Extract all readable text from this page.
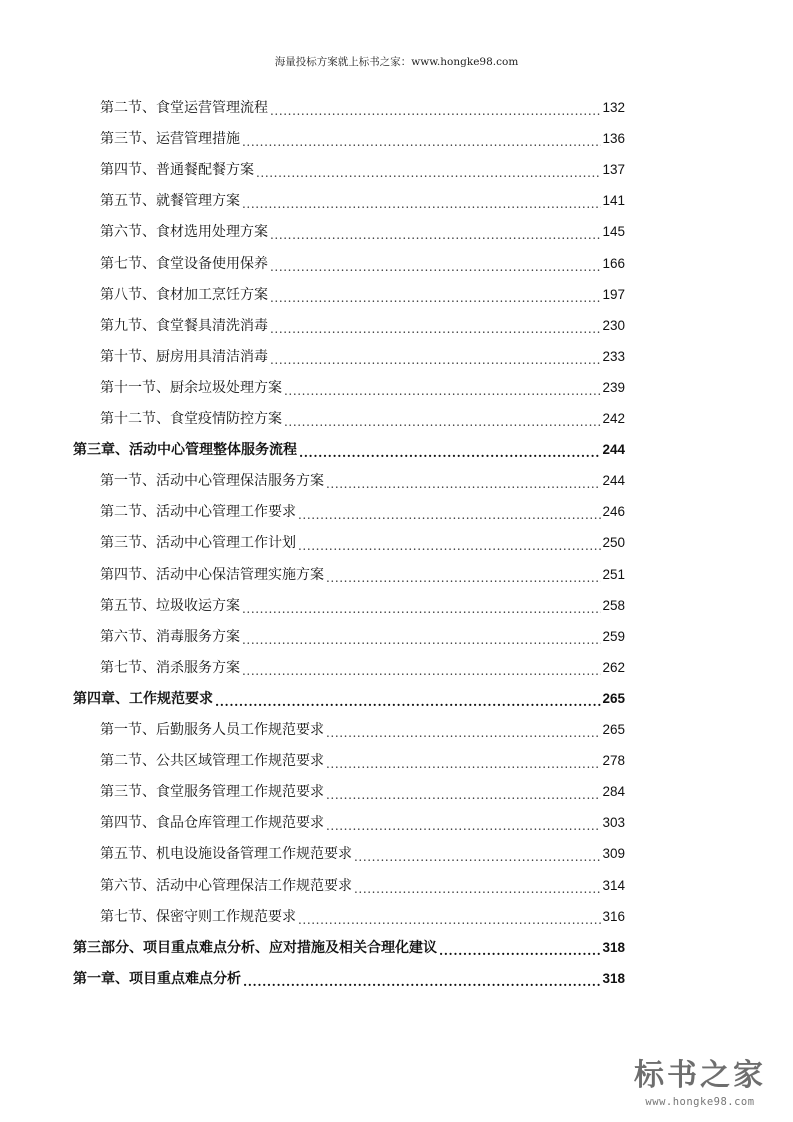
海量投标方案就上标书之家：www.hongke98.com
第二节、食堂运营管理流程 .....	132
第三节、运营管理措施 .....	136
第四节、普通餐配餐方案 .....	137
第五节、就餐管理方案 .....	141
第六节、食材选用处理方案 .....	145
第七节、食堂设备使用保养 .....	166
第八节、食材加工烹饪方案 .....	197
第九节、食堂餐具清洗消毒 .....	230
第十节、厨房用具清洁消毒 .....	233
第十一节、厨余垃圾处理方案 .....	239
第十二节、食堂疫情防控方案 .....	242
第三章、活动中心管理整体服务流程 .....	244
第一节、活动中心管理保洁服务方案 .....	244
第二节、活动中心管理工作要求 .....	246
第三节、活动中心管理工作计划 .....	250
第四节、活动中心保洁管理实施方案 .....	251
第五节、垃圾收运方案 .....	258
第六节、消毒服务方案 .....	259
第七节、消杀服务方案 .....	262
第四章、工作规范要求 .....	265
第一节、后勤服务人员工作规范要求 .....	265
第二节、公共区域管理工作规范要求 .....	278
第三节、食堂服务管理工作规范要求 .....	284
第四节、食品仓库管理工作规范要求 .....	303
第五节、机电设施设备管理工作规范要求 .....	309
第六节、活动中心管理保洁工作规范要求 .....	314
第七节、保密守则工作规范要求 .....	316
第三部分、项目重点难点分析、应对措施及相关合理化建议 .....	318
第一章、项目重点难点分析 .....	318
标书之家
www.hongke98.com
